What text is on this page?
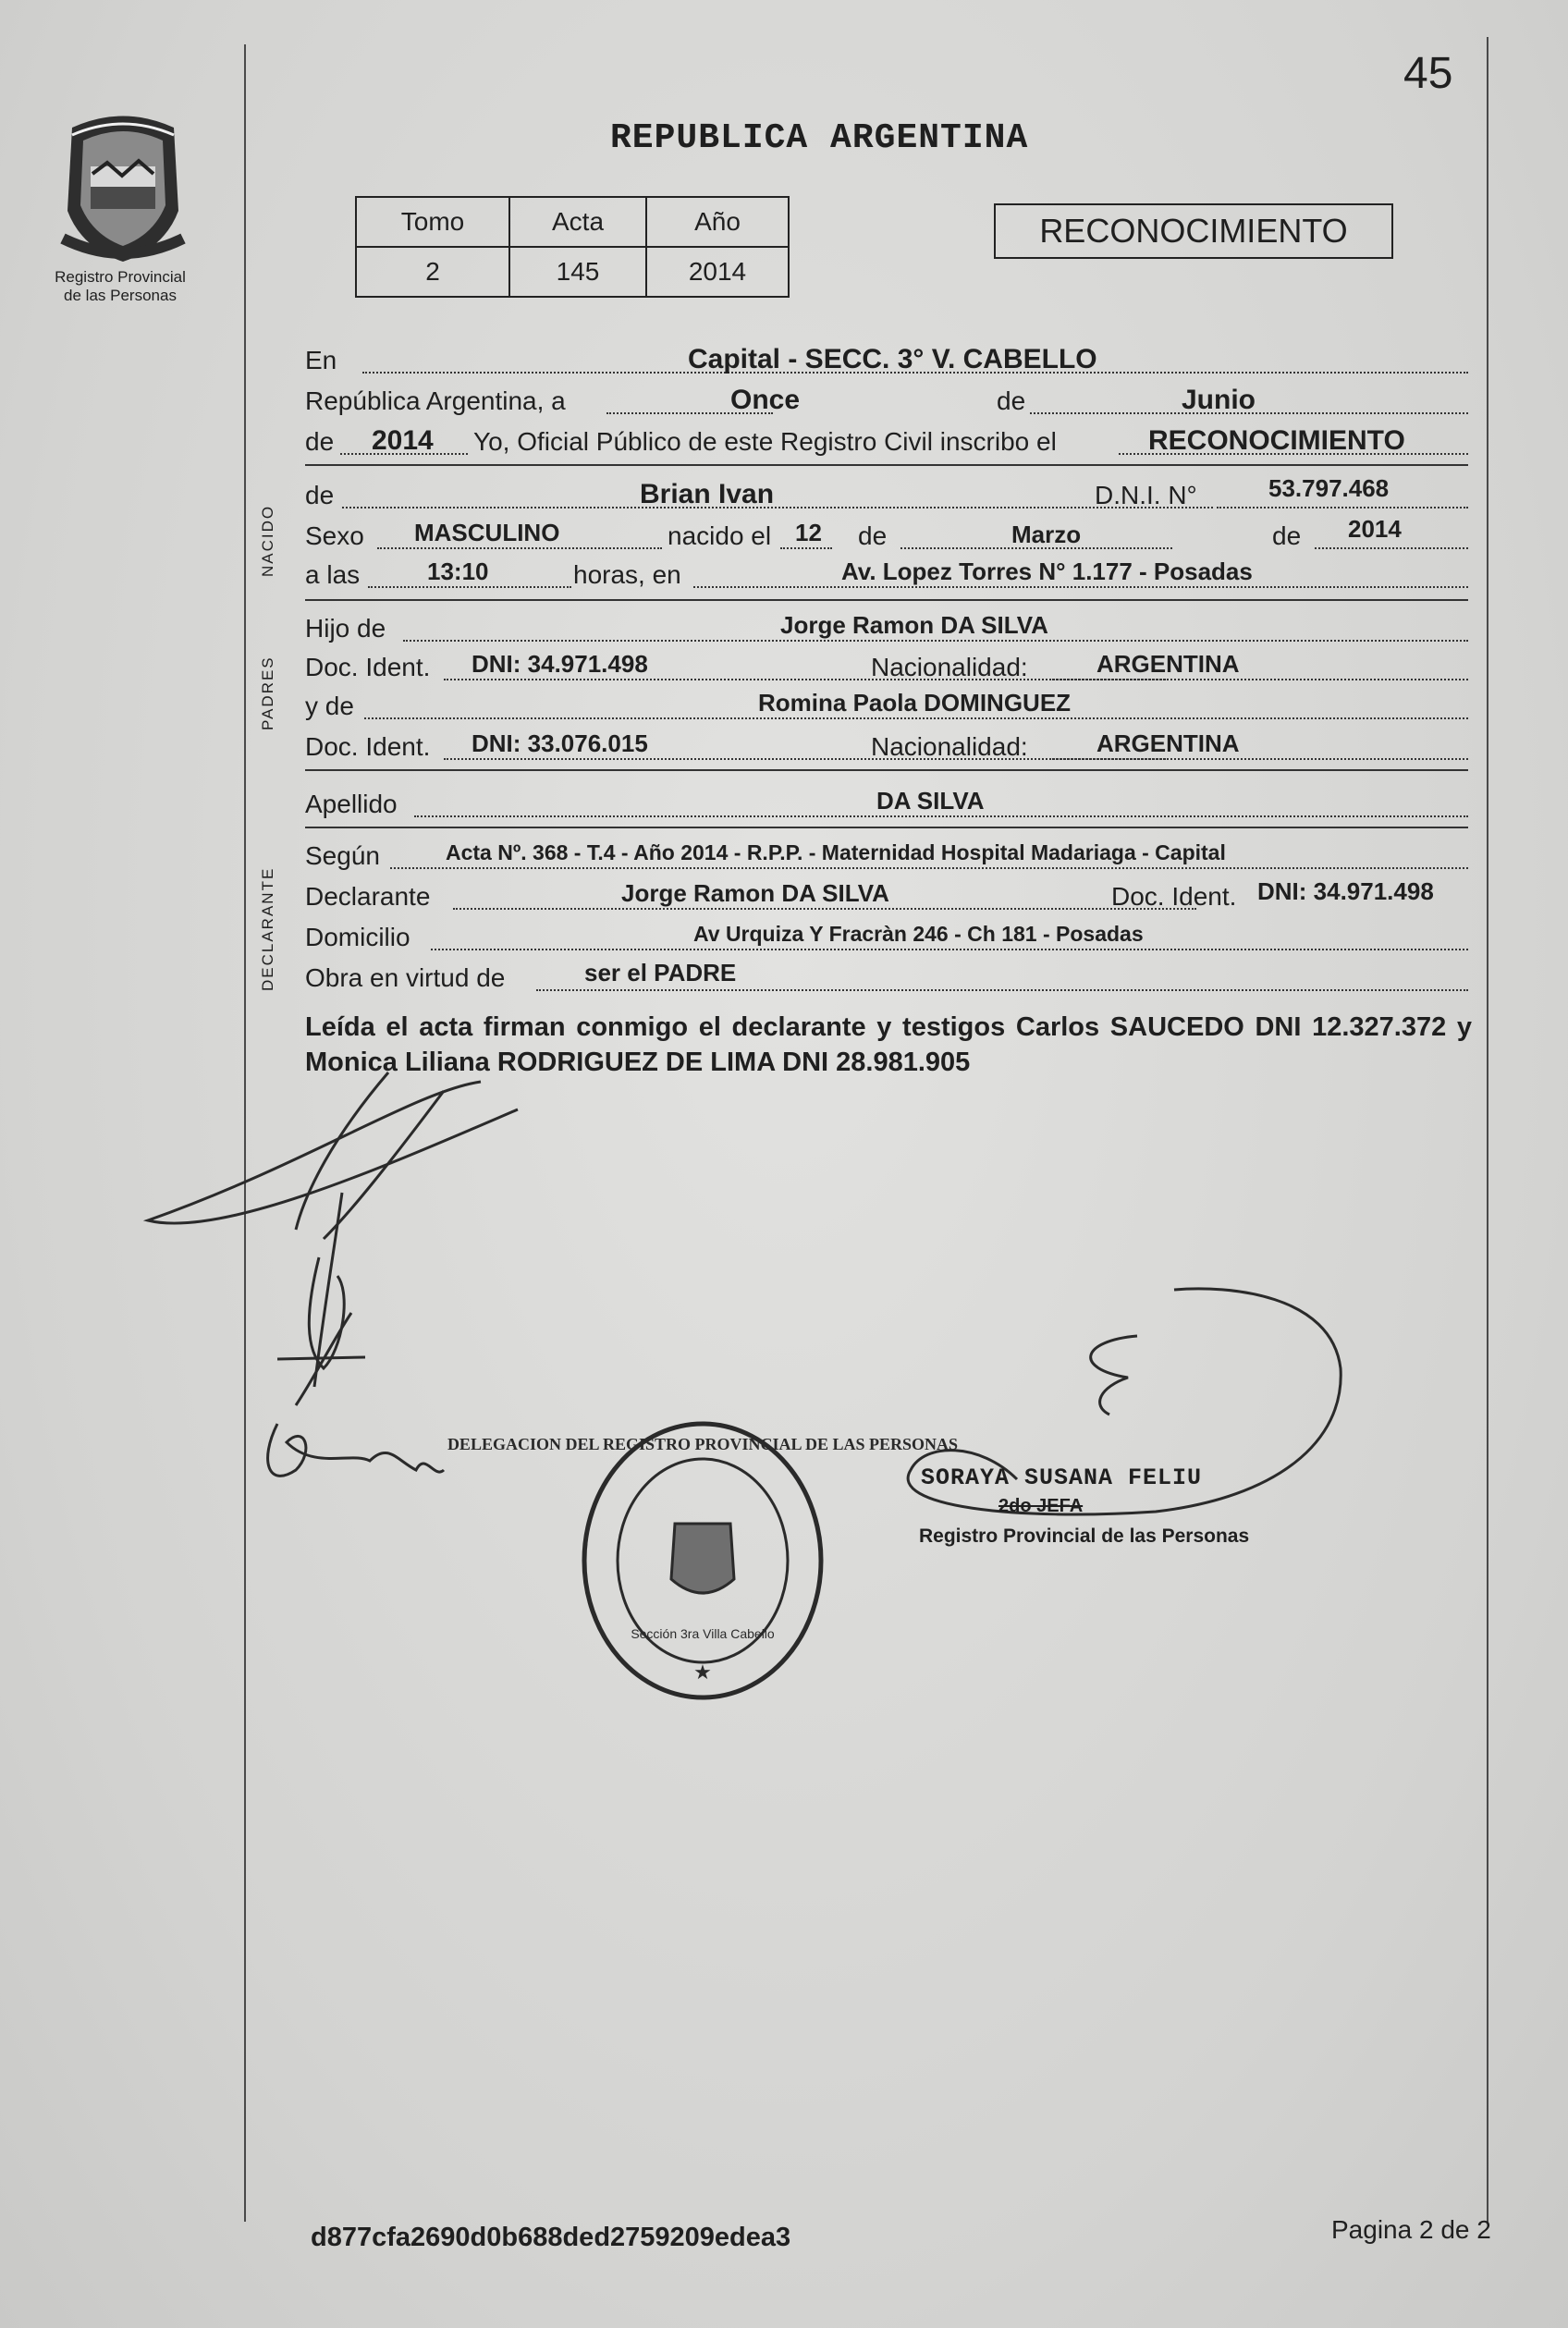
45
Registro Provincial
de las Personas
REPUBLICA ARGENTINA
Tomo	Acta	Año
2	145	2014
RECONOCIMIENTO
NACIDO
PADRES
DECLARANTE
En	Capital - SECC. 3° V. CABELLO
República Argentina, a	Once	de	Junio
de 2014 Yo, Oficial Público de este Registro Civil inscribo el	RECONOCIMIENTO
de	Brian Ivan	D.N.I. N°	53.797.468
Sexo MASCULINO	nacido el 12 de	Marzo	de 2014
a las	13:10	horas, en	Av. Lopez Torres N° 1.177 - Posadas
Hijo de	Jorge Ramon DA SILVA
Doc. Ident. DNI: 34.971.498	Nacionalidad:	ARGENTINA
y de	Romina Paola DOMINGUEZ
Doc. Ident. DNI: 33.076.015	Nacionalidad:	ARGENTINA
Apellido	DA SILVA
Según	Acta Nº. 368 - T.4 - Año 2014 - R.P.P. - Maternidad Hospital Madariaga - Capital
Declarante	Jorge Ramon DA SILVA	Doc. Ident. DNI: 34.971.498
Domicilio	Av Urquiza Y Fracràn 246 - Ch 181 - Posadas
Obra en virtud de	ser el PADRE
Leída el acta firman conmigo el declarante y testigos Carlos SAUCEDO DNI 12.327.372 y Monica Liliana RODRIGUEZ DE LIMA DNI 28.981.905
DELEGACION DEL REGISTRO PROVINCIAL DE LAS PERSONAS
Sección 3ra Villa Cabello
★
SORAYA SUSANA FELIU
2do JEFA
Registro Provincial de las Personas
d877cfa2690d0b688ded2759209edea3	Pagina 2 de 2
